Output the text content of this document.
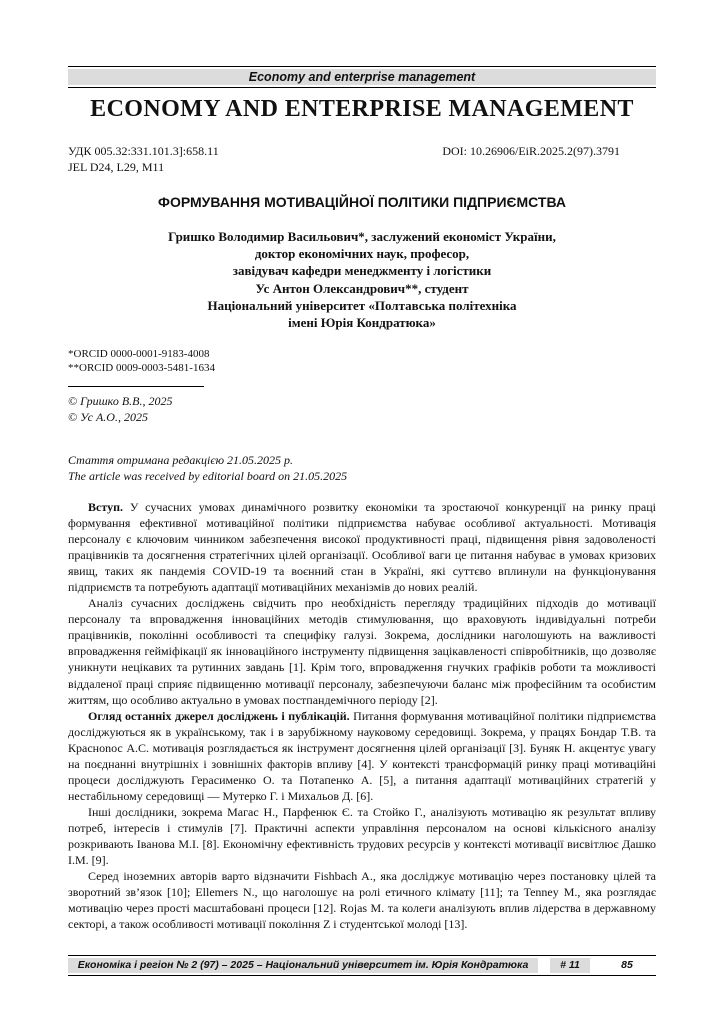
Economy and enterprise management
ECONOMY AND ENTERPRISE MANAGEMENT
УДК 005.32:331.101.3]:658.11
JEL D24, L29, M11
DOI: 10.26906/EiR.2025.2(97).3791
ФОРМУВАННЯ МОТИВАЦІЙНОЇ ПОЛІТИКИ ПІДПРИЄМСТВА
Гришко Володимир Васильович*, заслужений економіст України,
доктор економічних наук, професор,
завідувач кафедри менеджменту і логістики
Ус Антон Олександрович**, студент
Національний університет «Полтавська політехніка
імені Юрія Кондратюка»
*ORCID 0000-0001-9183-4008
**ORCID 0009-0003-5481-1634
© Гришко В.В., 2025
© Ус А.О., 2025
Стаття отримана редакцією 21.05.2025 р.
The article was received by editorial board on 21.05.2025

Вступ. У сучасних умовах динамічного розвитку економіки та зростаючої конкуренції на ринку праці формування ефективної мотиваційної політики підприємства набуває особливої актуальності. Мотивація персоналу є ключовим чинником забезпечення високої продуктивності праці, підвищення рівня задоволеності працівників та досягнення стратегічних цілей організації. Особливої ваги це питання набуває в умовах кризових явищ, таких як пандемія COVID-19 та воєнний стан в Україні, які суттєво вплинули на функціонування підприємств та потребують адаптації мотиваційних механізмів до нових реалій.

Аналіз сучасних досліджень свідчить про необхідність перегляду традиційних підходів до мотивації персоналу та впровадження інноваційних методів стимулювання, що враховують індивідуальні потреби працівників, поколінні особливості та специфіку галузі. Зокрема, дослідники наголошують на важливості впровадження гейміфікації як інноваційного інструменту підвищення зацікавленості співробітників, що дозволяє уникнути нецікавих та рутинних завдань [1]. Крім того, впровадження гнучких графіків роботи та можливості віддаленої праці сприяє підвищенню мотивації персоналу, забезпечуючи баланс між професійним та особистим життям, що особливо актуально в умовах постпандемічного періоду [2].

Огляд останніх джерел досліджень і публікацій. Питання формування мотиваційної політики підприємства досліджуються як в українському, так і в зарубіжному науковому середовищі. Зокрема, у працях Бондар Т.В. та Красноnос А.С. мотивація розглядається як інструмент досягнення цілей організації [3]. Буняк Н. акцентує увагу на поєднанні внутрішніх і зовнішніх факторів впливу [4]. У контексті трансформацій ринку праці мотиваційні процеси досліджують Герасименко О. та Потапенко А. [5], а питання адаптації мотиваційних стратегій у нестабільному середовищі — Мутерко Г. і Михальов Д. [6].

Інші дослідники, зокрема Магас Н., Парфенюк Є. та Стойко Г., аналізують мотивацію як результат впливу потреб, інтересів і стимулів [7]. Практичні аспекти управління персоналом на основі кількісного аналізу розкривають Іванова М.І. [8]. Економічну ефективність трудових ресурсів у контексті мотивації висвітлює Дашко І.М. [9].

Серед іноземних авторів варто відзначити Fishbach A., яка досліджує мотивацію через постановку цілей та зворотний зв’язок [10]; Ellemers N., що наголошує на ролі етичного клімату [11]; та Tenney M., яка розглядає мотивацію через прості масштабовані процеси [12]. Rojas M. та колеги аналізують вплив лідерства в державному секторі, а також особливості мотивації покоління Z і студентської молоді [13].

Економіка і регіон № 2 (97) – 2025 – Національний університет ім. Юрія Кондратюка	# 11	85
